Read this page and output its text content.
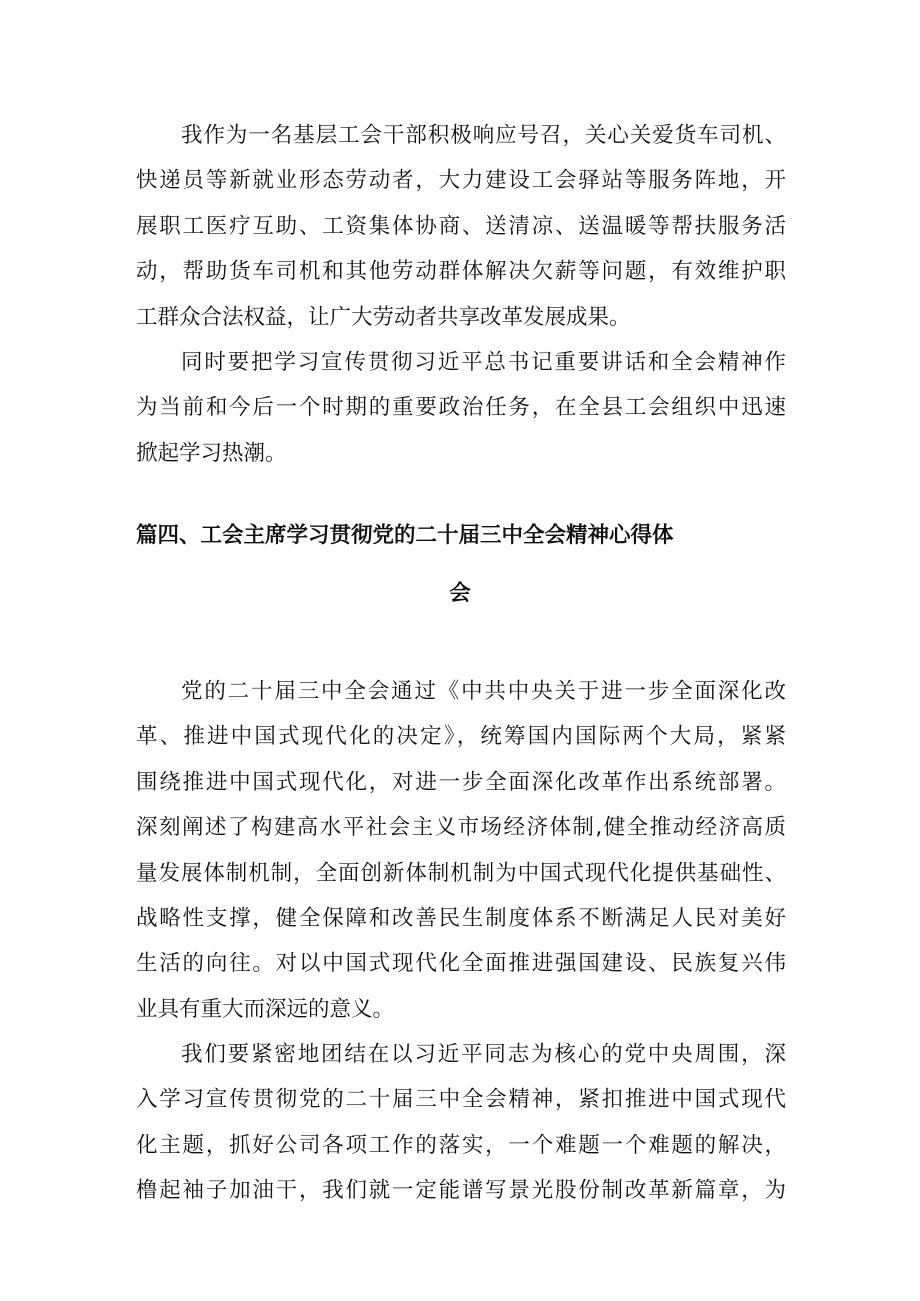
我作为一名基层工会干部积极响应号召，关心关爱货车司机、
快递员等新就业形态劳动者，大力建设工会驿站等服务阵地，开
展职工医疗互助、工资集体协商、送清凉、送温暖等帮扶服务活
动，帮助货车司机和其他劳动群体解决欠薪等问题，有效维护职
工群众合法权益，让广大劳动者共享改革发展成果。
同时要把学习宣传贯彻习近平总书记重要讲话和全会精神作
为当前和今后一个时期的重要政治任务，在全县工会组织中迅速
掀起学习热潮。
篇四、工会主席学习贯彻党的二十届三中全会精神心得体
会
党的二十届三中全会通过《中共中央关于进一步全面深化改
革、推进中国式现代化的决定》，统筹国内国际两个大局，紧紧
围绕推进中国式现代化，对进一步全面深化改革作出系统部署。
深刻阐述了构建高水平社会主义市场经济体制,健全推动经济高质
量发展体制机制，全面创新体制机制为中国式现代化提供基础性、
战略性支撑，健全保障和改善民生制度体系不断满足人民对美好
生活的向往。对以中国式现代化全面推进强国建设、民族复兴伟
业具有重大而深远的意义。
我们要紧密地团结在以习近平同志为核心的党中央周围，深
入学习宣传贯彻党的二十届三中全会精神，紧扣推进中国式现代
化主题，抓好公司各项工作的落实，一个难题一个难题的解决，
橹起袖子加油干，我们就一定能谱写景光股份制改革新篇章，为
